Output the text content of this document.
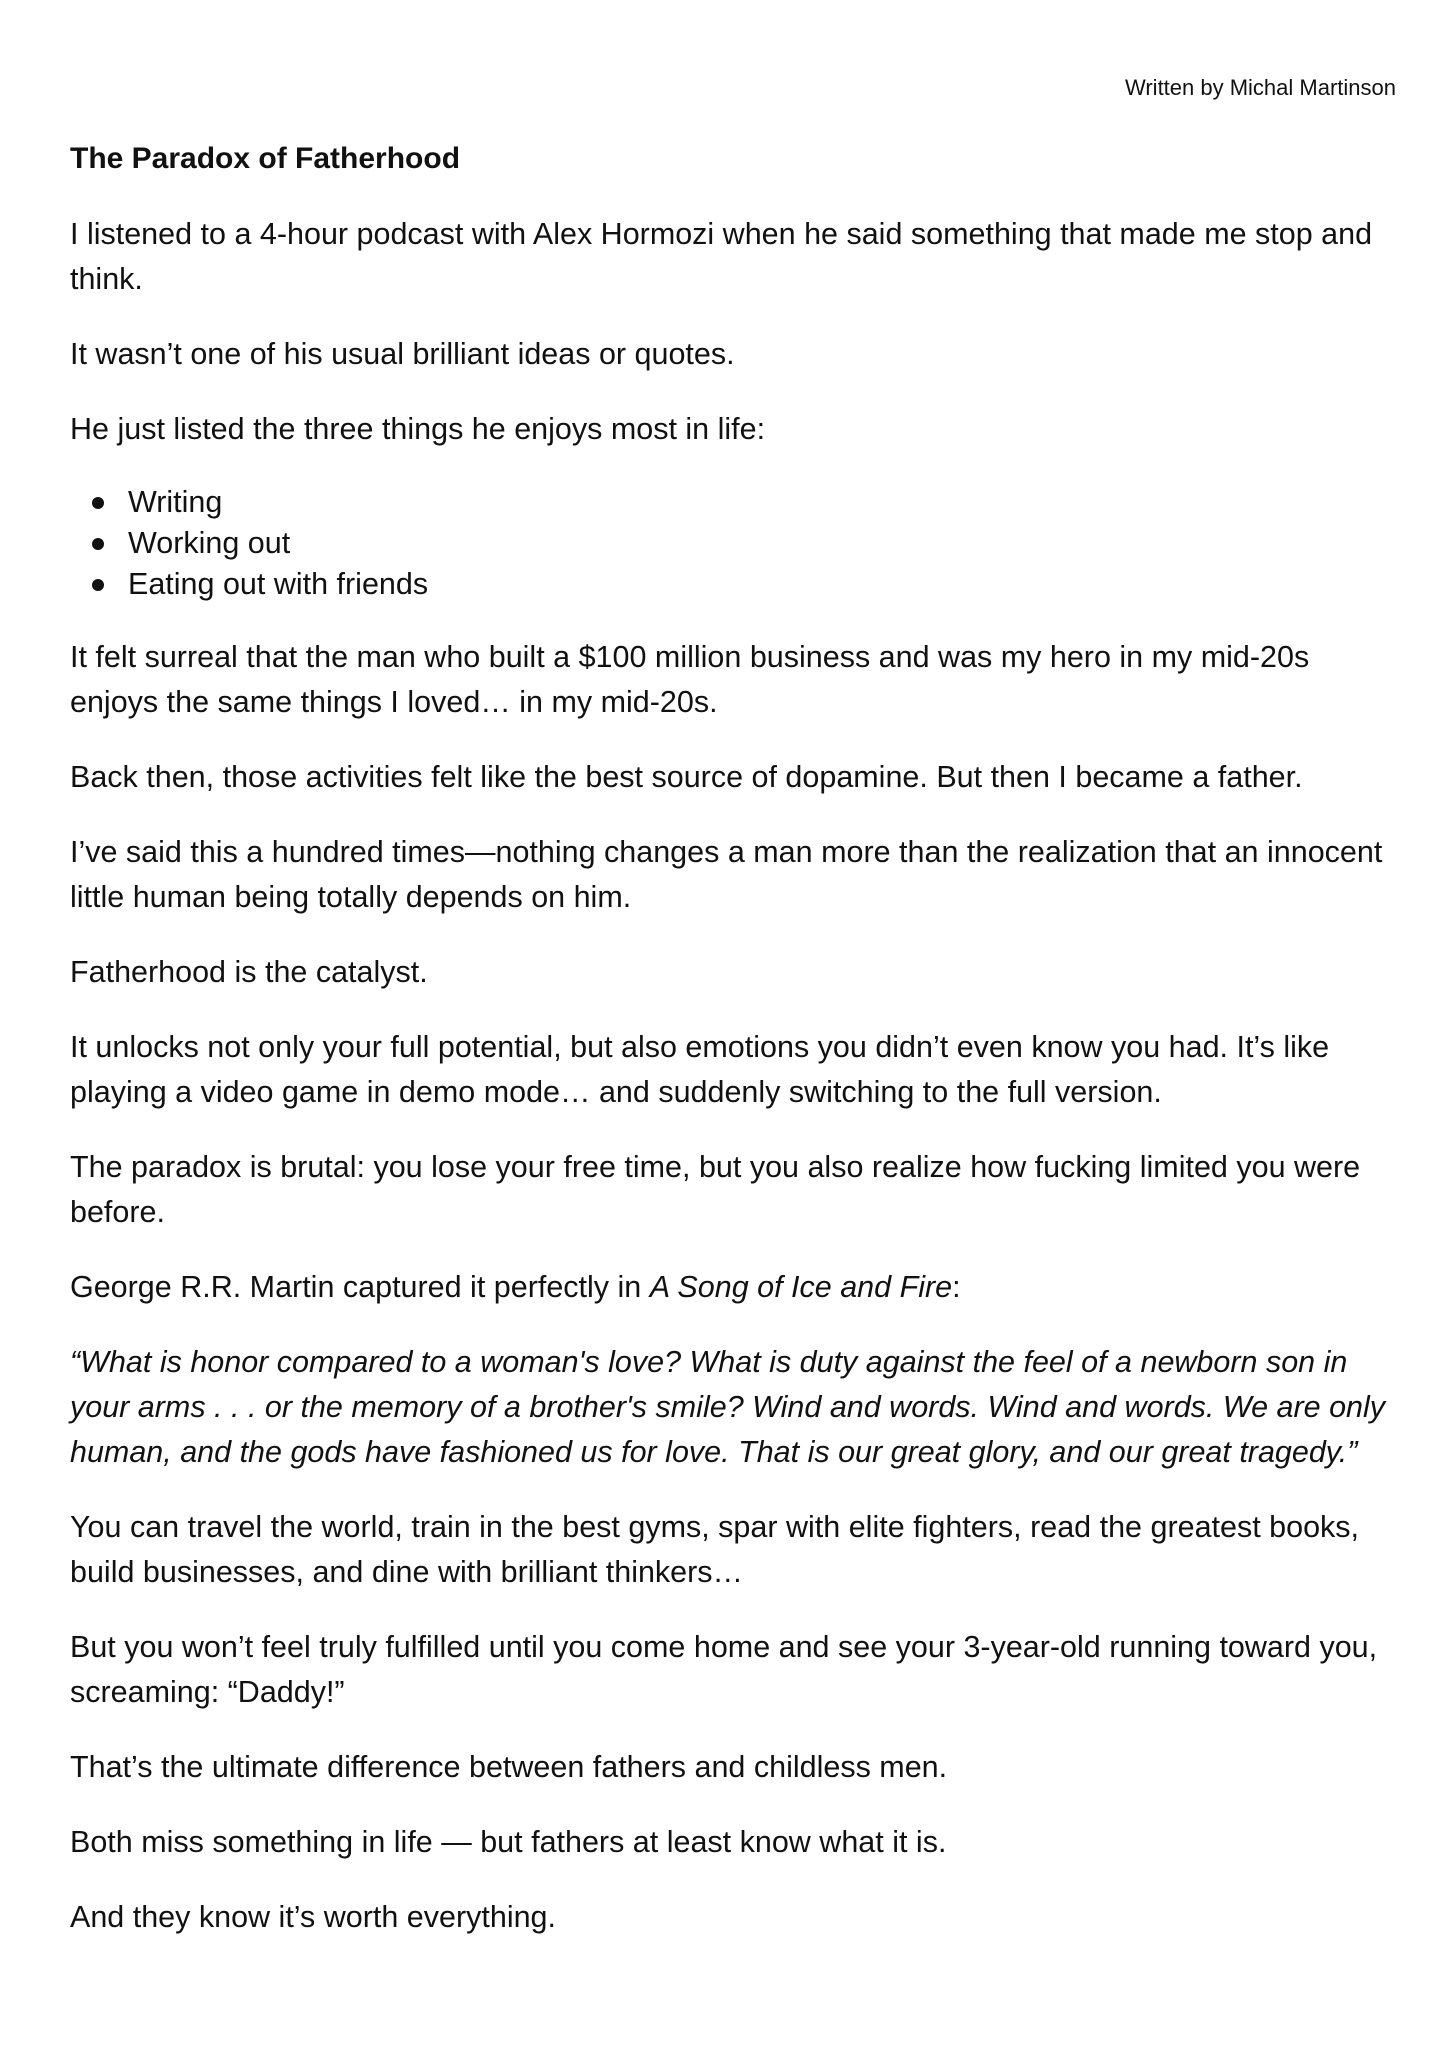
Written by Michal Martinson
The Paradox of Fatherhood

I listened to a 4-hour podcast with Alex Hormozi when he said something that made me stop and think.

It wasn’t one of his usual brilliant ideas or quotes.

He just listed the three things he enjoys most in life:

Writing
Working out
Eating out with friends

It felt surreal that the man who built a $100 million business and was my hero in my mid-20s enjoys the same things I loved… in my mid-20s.

Back then, those activities felt like the best source of dopamine. But then I became a father.

I’ve said this a hundred times—nothing changes a man more than the realization that an innocent little human being totally depends on him.

Fatherhood is the catalyst.

It unlocks not only your full potential, but also emotions you didn’t even know you had. It’s like playing a video game in demo mode… and suddenly switching to the full version.

The paradox is brutal: you lose your free time, but you also realize how fucking limited you were before.

George R.R. Martin captured it perfectly in A Song of Ice and Fire:

“What is honor compared to a woman's love? What is duty against the feel of a newborn son in your arms . . . or the memory of a brother's smile? Wind and words. Wind and words. We are only human, and the gods have fashioned us for love. That is our great glory, and our great tragedy.”

You can travel the world, train in the best gyms, spar with elite fighters, read the greatest books, build businesses, and dine with brilliant thinkers…

But you won’t feel truly fulfilled until you come home and see your 3-year-old running toward you, screaming: “Daddy!”

That’s the ultimate difference between fathers and childless men.

Both miss something in life — but fathers at least know what it is.

And they know it’s worth everything.
